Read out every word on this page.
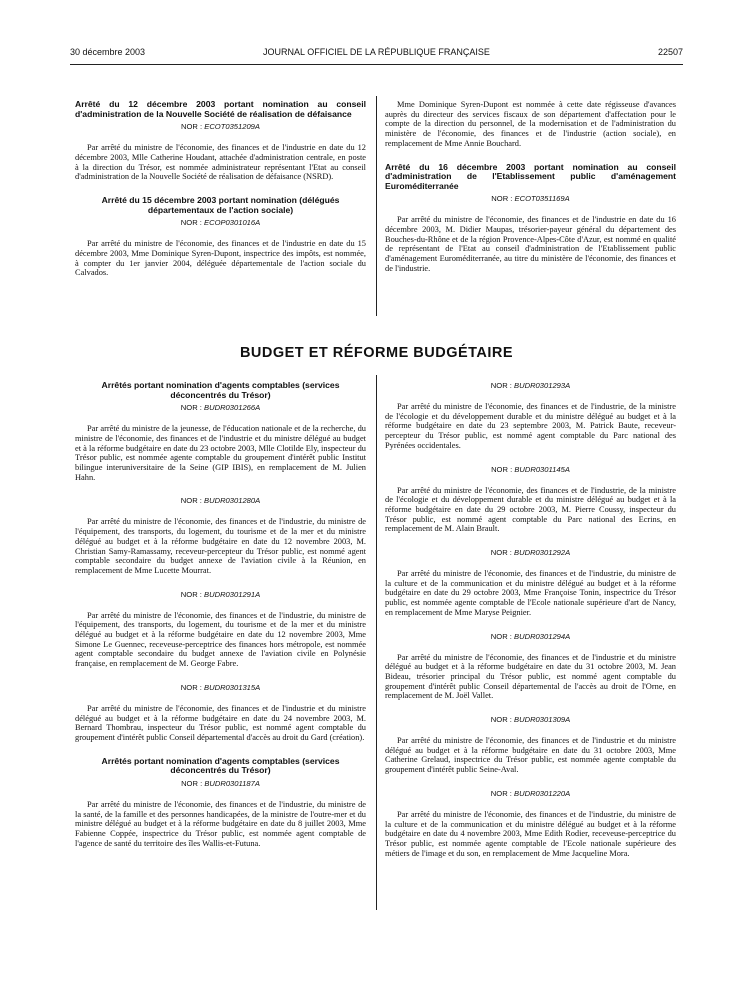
30 décembre 2003	JOURNAL OFFICIEL DE LA RÉPUBLIQUE FRANÇAISE	22507
Arrêté du 12 décembre 2003 portant nomination au conseil d'administration de la Nouvelle Société de réalisation de défaisance
NOR : ECOT0351209A

Par arrêté du ministre de l'économie, des finances et de l'industrie en date du 12 décembre 2003, Mlle Catherine Houdant, attachée d'administration centrale, en poste à la direction du Trésor, est nommée administrateur représentant l'Etat au conseil d'administration de la Nouvelle Société de réalisation de défaisance (NSRD).

Arrêté du 15 décembre 2003 portant nomination (délégués départementaux de l'action sociale)
NOR : ECOP0301016A

Par arrêté du ministre de l'économie, des finances et de l'industrie en date du 15 décembre 2003, Mme Dominique Syren-Dupont, inspectrice des impôts, est nommée, à compter du 1er janvier 2004, déléguée départementale de l'action sociale du Calvados.

Mme Dominique Syren-Dupont est nommée à cette date régisseuse d'avances auprès du directeur des services fiscaux de son département d'affectation pour le compte de la direction du personnel, de la modernisation et de l'administration du ministère de l'économie, des finances et de l'industrie (action sociale), en remplacement de Mme Annie Bouchard.

Arrêté du 16 décembre 2003 portant nomination au conseil d'administration de l'Etablissement public d'aménagement Euroméditerranée
NOR : ECOT0351169A

Par arrêté du ministre de l'économie, des finances et de l'industrie en date du 16 décembre 2003, M. Didier Maupas, trésorier-payeur général du département des Bouches-du-Rhône et de la région Provence-Alpes-Côte d'Azur, est nommé en qualité de représentant de l'Etat au conseil d'administration de l'Etablissement public d'aménagement Euroméditerranée, au titre du ministère de l'économie, des finances et de l'industrie.

BUDGET ET RÉFORME BUDGÉTAIRE
Arrêtés portant nomination d'agents comptables (services déconcentrés du Trésor)
NOR : BUDR0301266A

Par arrêté du ministre de la jeunesse, de l'éducation nationale et de la recherche, du ministre de l'économie, des finances et de l'industrie et du ministre délégué au budget et à la réforme budgétaire en date du 23 octobre 2003, Mlle Clotilde Ely, inspecteur du Trésor public, est nommée agente comptable du groupement d'intérêt public Institut bilingue interuniversitaire de la Seine (GIP IBIS), en remplacement de M. Julien Hahn.

NOR : BUDR0301280A

Par arrêté du ministre de l'économie, des finances et de l'industrie, du ministre de l'équipement, des transports, du logement, du tourisme et de la mer et du ministre délégué au budget et à la réforme budgétaire en date du 12 novembre 2003, M. Christian Samy-Ramassamy, receveur-percepteur du Trésor public, est nommé agent comptable secondaire du budget annexe de l'aviation civile à la Réunion, en remplacement de Mme Lucette Mourrat.

NOR : BUDR0301291A

Par arrêté du ministre de l'économie, des finances et de l'industrie, du ministre de l'équipement, des transports, du logement, du tourisme et de la mer et du ministre délégué au budget et à la réforme budgétaire en date du 12 novembre 2003, Mme Simone Le Guennec, receveuse-perceptrice des finances hors métropole, est nommée agent comptable secondaire du budget annexe de l'aviation civile en Polynésie française, en remplacement de M. George Fabre.

NOR : BUDR0301315A

Par arrêté du ministre de l'économie, des finances et de l'industrie et du ministre délégué au budget et à la réforme budgétaire en date du 24 novembre 2003, M. Bernard Thombrau, inspecteur du Trésor public, est nommé agent comptable du groupement d'intérêt public Conseil départemental d'accès au droit du Gard (création).

Arrêtés portant nomination d'agents comptables (services déconcentrés du Trésor)
NOR : BUDR0301187A

Par arrêté du ministre de l'économie, des finances et de l'industrie, du ministre de la santé, de la famille et des personnes handicapées, de la ministre de l'outre-mer et du ministre délégué au budget et à la réforme budgétaire en date du 8 juillet 2003, Mme Fabienne Coppée, inspectrice du Trésor public, est nommée agent comptable de l'agence de santé du territoire des îles Wallis-et-Futuna.

NOR : BUDR0301293A

Par arrêté du ministre de l'économie, des finances et de l'industrie, de la ministre de l'écologie et du développement durable et du ministre délégué au budget et à la réforme budgétaire en date du 23 septembre 2003, M. Patrick Baute, receveur-percepteur du Trésor public, est nommé agent comptable du Parc national des Pyrénées occidentales.

NOR : BUDR0301145A

Par arrêté du ministre de l'économie, des finances et de l'industrie, de la ministre de l'écologie et du développement durable et du ministre délégué au budget et à la réforme budgétaire en date du 29 octobre 2003, M. Pierre Coussy, inspecteur du Trésor public, est nommé agent comptable du Parc national des Ecrins, en remplacement de M. Alain Brault.

NOR : BUDR0301292A

Par arrêté du ministre de l'économie, des finances et de l'industrie, du ministre de la culture et de la communication et du ministre délégué au budget et à la réforme budgétaire en date du 29 octobre 2003, Mme Françoise Tonin, inspectrice du Trésor public, est nommée agente comptable de l'Ecole nationale supérieure d'art de Nancy, en remplacement de Mme Maryse Peignier.

NOR : BUDR0301294A

Par arrêté du ministre de l'économie, des finances et de l'industrie et du ministre délégué au budget et à la réforme budgétaire en date du 31 octobre 2003, M. Jean Bideau, trésorier principal du Trésor public, est nommé agent comptable du groupement d'intérêt public Conseil départemental de l'accès au droit de l'Orne, en remplacement de M. Joël Vallet.

NOR : BUDR0301309A

Par arrêté du ministre de l'économie, des finances et de l'industrie et du ministre délégué au budget et à la réforme budgétaire en date du 31 octobre 2003, Mme Catherine Grelaud, inspectrice du Trésor public, est nommée agente comptable du groupement d'intérêt public Seine-Aval.

NOR : BUDR0301220A

Par arrêté du ministre de l'économie, des finances et de l'industrie, du ministre de la culture et de la communication et du ministre délégué au budget et à la réforme budgétaire en date du 4 novembre 2003, Mme Edith Rodier, receveuse-perceptrice du Trésor public, est nommée agente comptable de l'Ecole nationale supérieure des métiers de l'image et du son, en remplacement de Mme Jacqueline Mora.
